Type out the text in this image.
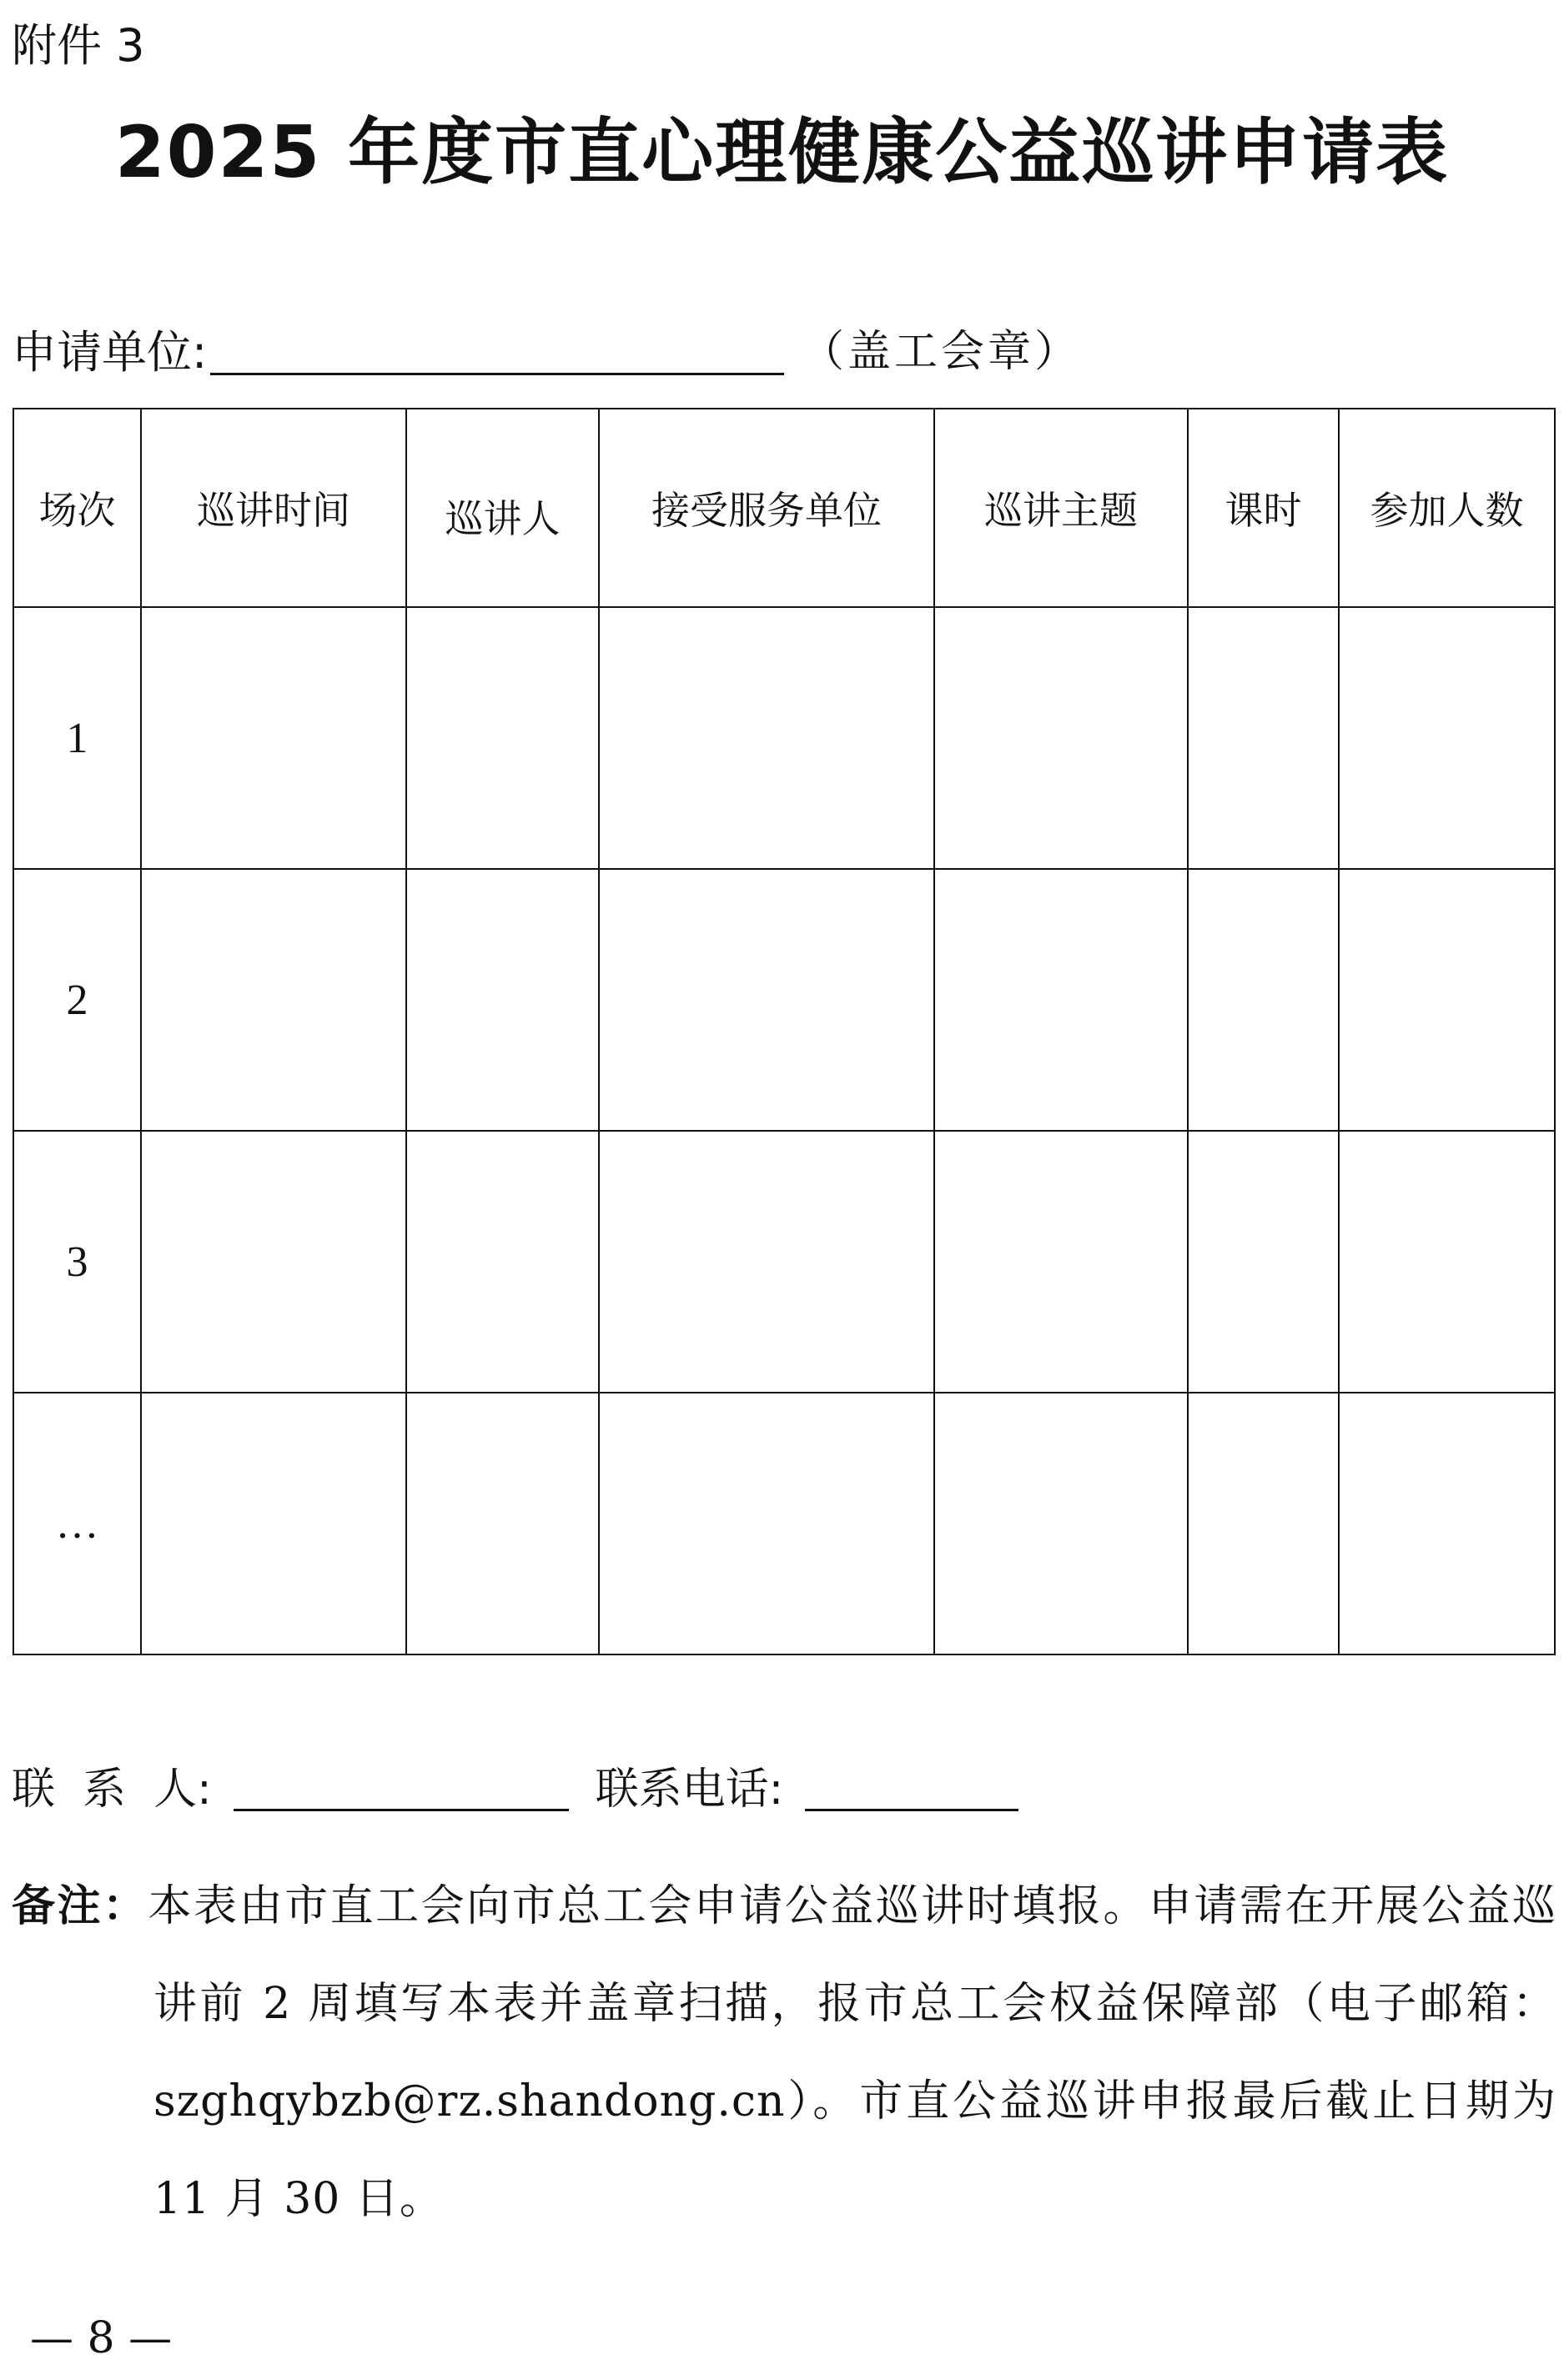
附件 3
2025 年度市直心理健康公益巡讲申请表
申请单位:	（盖工会章）
场次	巡讲时间	巡讲人	接受服务单位	巡讲主题	课时	参加人数
1						
2						
3						
…						
联  系  人:	联系电话:

备注：本表由市直工会向市总工会申请公益巡讲时填报。申请需在开展公益巡讲前 2 周填写本表并盖章扫描，报市总工会权益保障部（电子邮箱：szghqybzb@rz.shandong.cn）。市直公益巡讲申报最后截止日期为 11 月 30 日。

— 8 —
